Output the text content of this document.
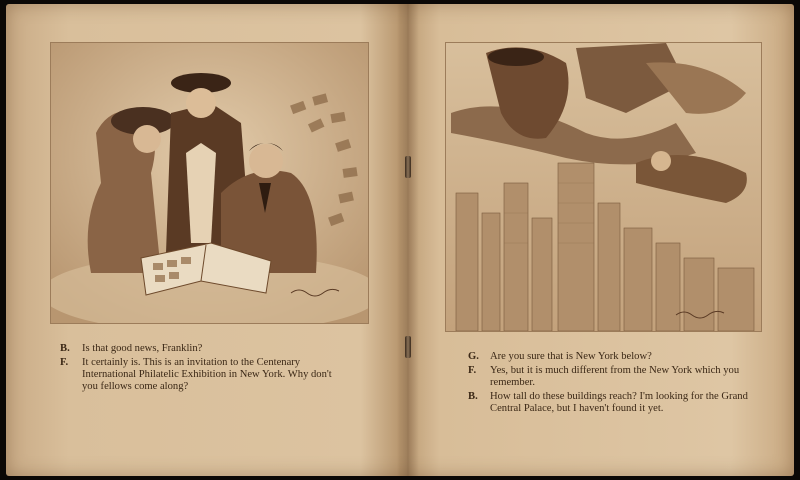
B.	Is that good news, Franklin?
F.	It certainly is. This is an invitation to the Centenary International Philatelic Exhibition in New York. Why don't you fellows come along?
G.	Are you sure that is New York below?
F.	Yes, but it is much different from the New York which you remember.
B.	How tall do these buildings reach? I'm looking for the Grand Central Palace, but I haven't found it yet.
